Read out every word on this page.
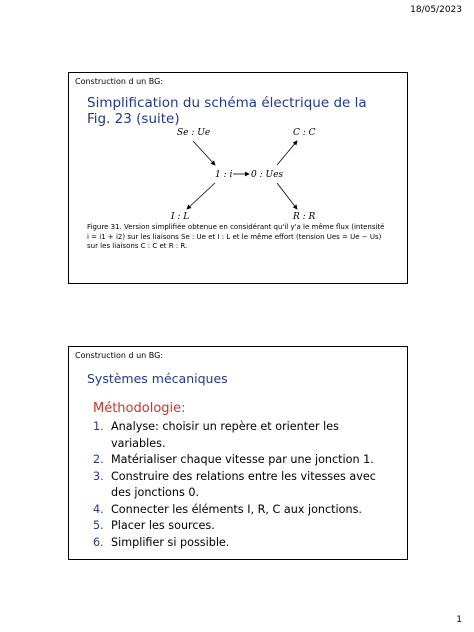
18/05/2023
Construction d un BG:
Simplification du schéma électrique de la Fig. 23 (suite)
Se : Ue	C : C
1 : i 0 : Ues
I : L	R : R
Figure 31. Version simplifiée obtenue en considérant qu'il y'a le même flux (intensité
i = i1 + i2) sur les liaisons Se : Ue et I : L et le même effort (tension Ues = Ue − Us)
sur les liaisons C : C et R : R.
Construction d un BG:
Systèmes mécaniques
Méthodologie:
1. Analyse: choisir un repère et orienter les variables.
2. Matérialiser chaque vitesse par une jonction 1.
3. Construire des relations entre les vitesses avec des jonctions 0.
4. Connecter les éléments I, R, C aux jonctions.
5. Placer les sources.
6. Simplifier si possible.
1
